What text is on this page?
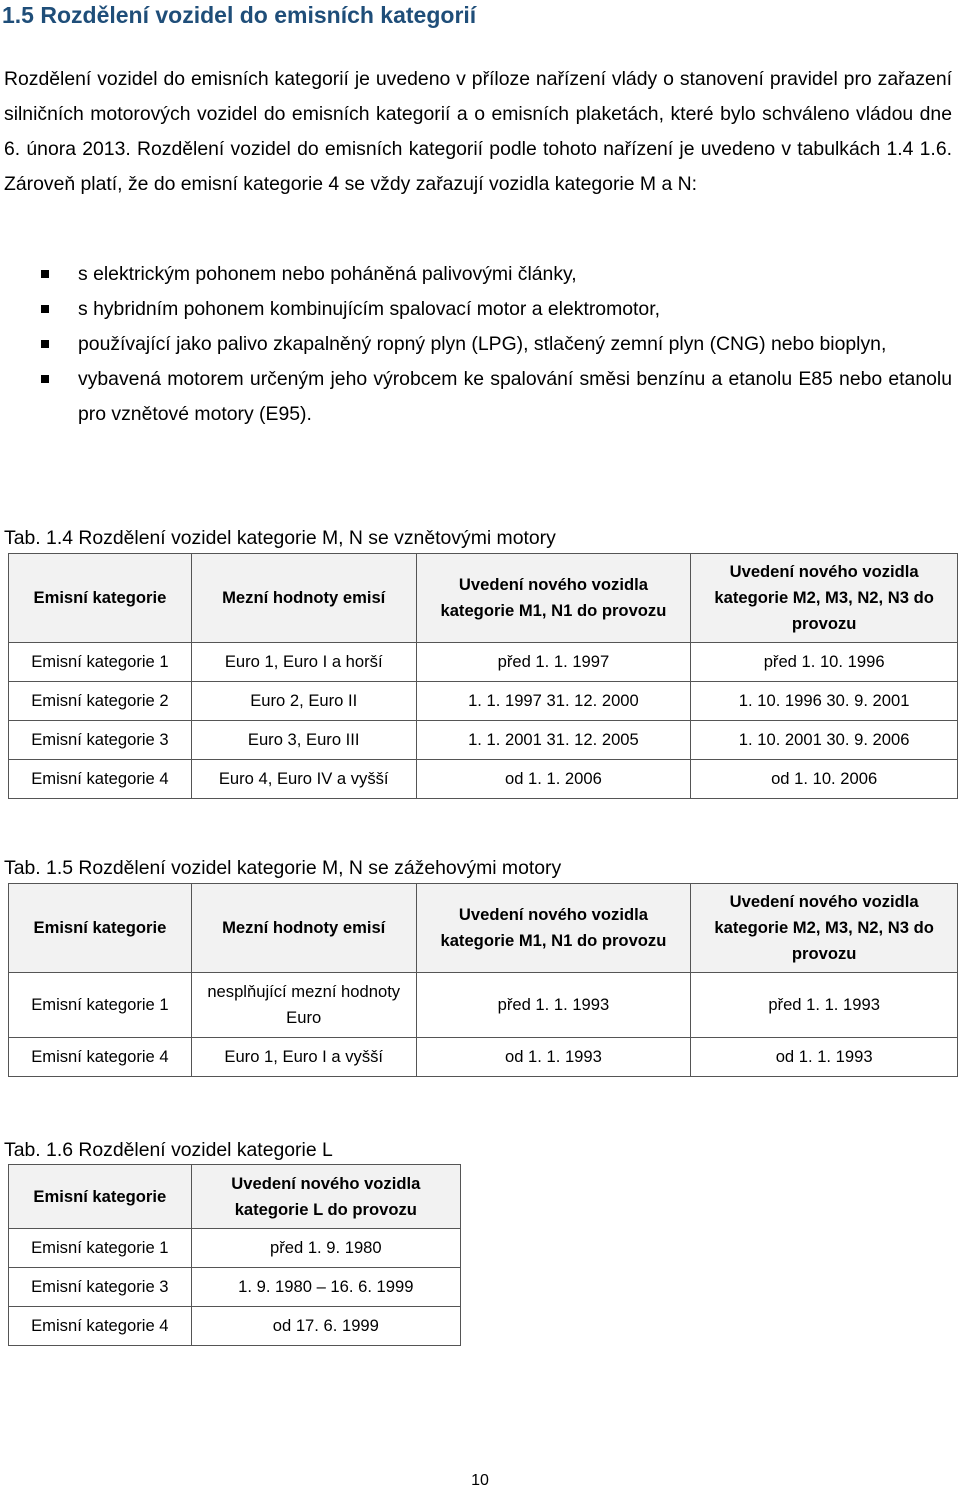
1.5 Rozdělení vozidel do emisních kategorií

Rozdělení vozidel do emisních kategorií je uvedeno v příloze nařízení vlády o stanovení pravidel pro zařazení silničních motorových vozidel do emisních kategorií a o emisních plaketách, které bylo schváleno vládou dne 6. února 2013. Rozdělení vozidel do emisních kategorií podle tohoto nařízení je uvedeno v tabulkách 1.4 1.6. Zároveň platí, že do emisní kategorie 4 se vždy zařazují vozidla kategorie M a N:

s elektrickým pohonem nebo poháněná palivovými články,
s hybridním pohonem kombinujícím spalovací motor a elektromotor,
používající jako palivo zkapalněný ropný plyn (LPG), stlačený zemní plyn (CNG) nebo bioplyn,
vybavená motorem určeným jeho výrobcem ke spalování směsi benzínu a etanolu E85 nebo etanolu pro vznětové motory (E95).

Tab. 1.4 Rozdělení vozidel kategorie M, N se vznětovými motory

Emisní kategorie	Mezní hodnoty emisí	Uvedení nového vozidla kategorie M1, N1 do provozu	Uvedení nového vozidla kategorie M2, M3, N2, N3 do provozu
Emisní kategorie 1	Euro 1, Euro I a horší	před 1. 1. 1997	před 1. 10. 1996
Emisní kategorie 2	Euro 2, Euro II	1. 1. 1997 31. 12. 2000	1. 10. 1996 30. 9. 2001
Emisní kategorie 3	Euro 3, Euro III	1. 1. 2001 31. 12. 2005	1. 10. 2001 30. 9. 2006
Emisní kategorie 4	Euro 4, Euro IV a vyšší	od 1. 1. 2006	od 1. 10. 2006

Tab. 1.5 Rozdělení vozidel kategorie M, N se zážehovými motory

Emisní kategorie	Mezní hodnoty emisí	Uvedení nového vozidla kategorie M1, N1 do provozu	Uvedení nového vozidla kategorie M2, M3, N2, N3 do provozu
Emisní kategorie 1	nesplňující mezní hodnoty Euro	před 1. 1. 1993	před 1. 1. 1993
Emisní kategorie 4	Euro 1, Euro I a vyšší	od 1. 1. 1993	od 1. 1. 1993

Tab. 1.6 Rozdělení vozidel kategorie L

Emisní kategorie	Uvedení nového vozidla kategorie L do provozu
Emisní kategorie 1	před 1. 9. 1980
Emisní kategorie 3	1. 9. 1980 – 16. 6. 1999
Emisní kategorie 4	od 17. 6. 1999

10
